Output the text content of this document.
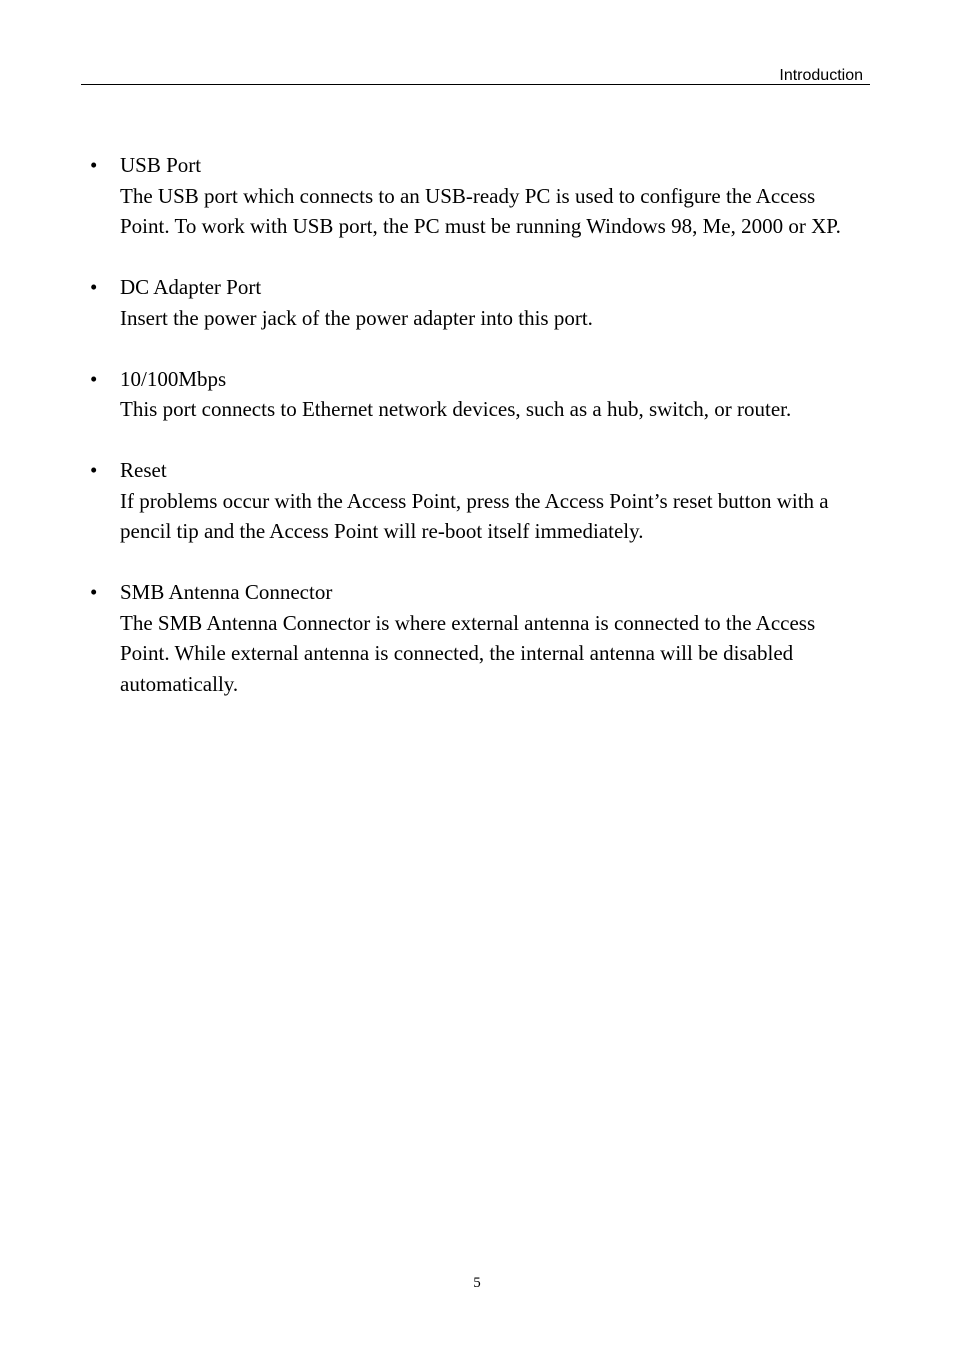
Introduction
• USB Port
The USB port which connects to an USB-ready PC is used to configure the Access Point. To work with USB port, the PC must be running Windows 98, Me, 2000 or XP.
• DC Adapter Port
Insert the power jack of the power adapter into this port.
• 10/100Mbps
This port connects to Ethernet network devices, such as a hub, switch, or router.
• Reset
If problems occur with the Access Point, press the Access Point’s reset button with a pencil tip and the Access Point will re-boot itself immediately.
• SMB Antenna Connector
The SMB Antenna Connector is where external antenna is connected to the Access Point. While external antenna is connected, the internal antenna will be disabled automatically.
5
